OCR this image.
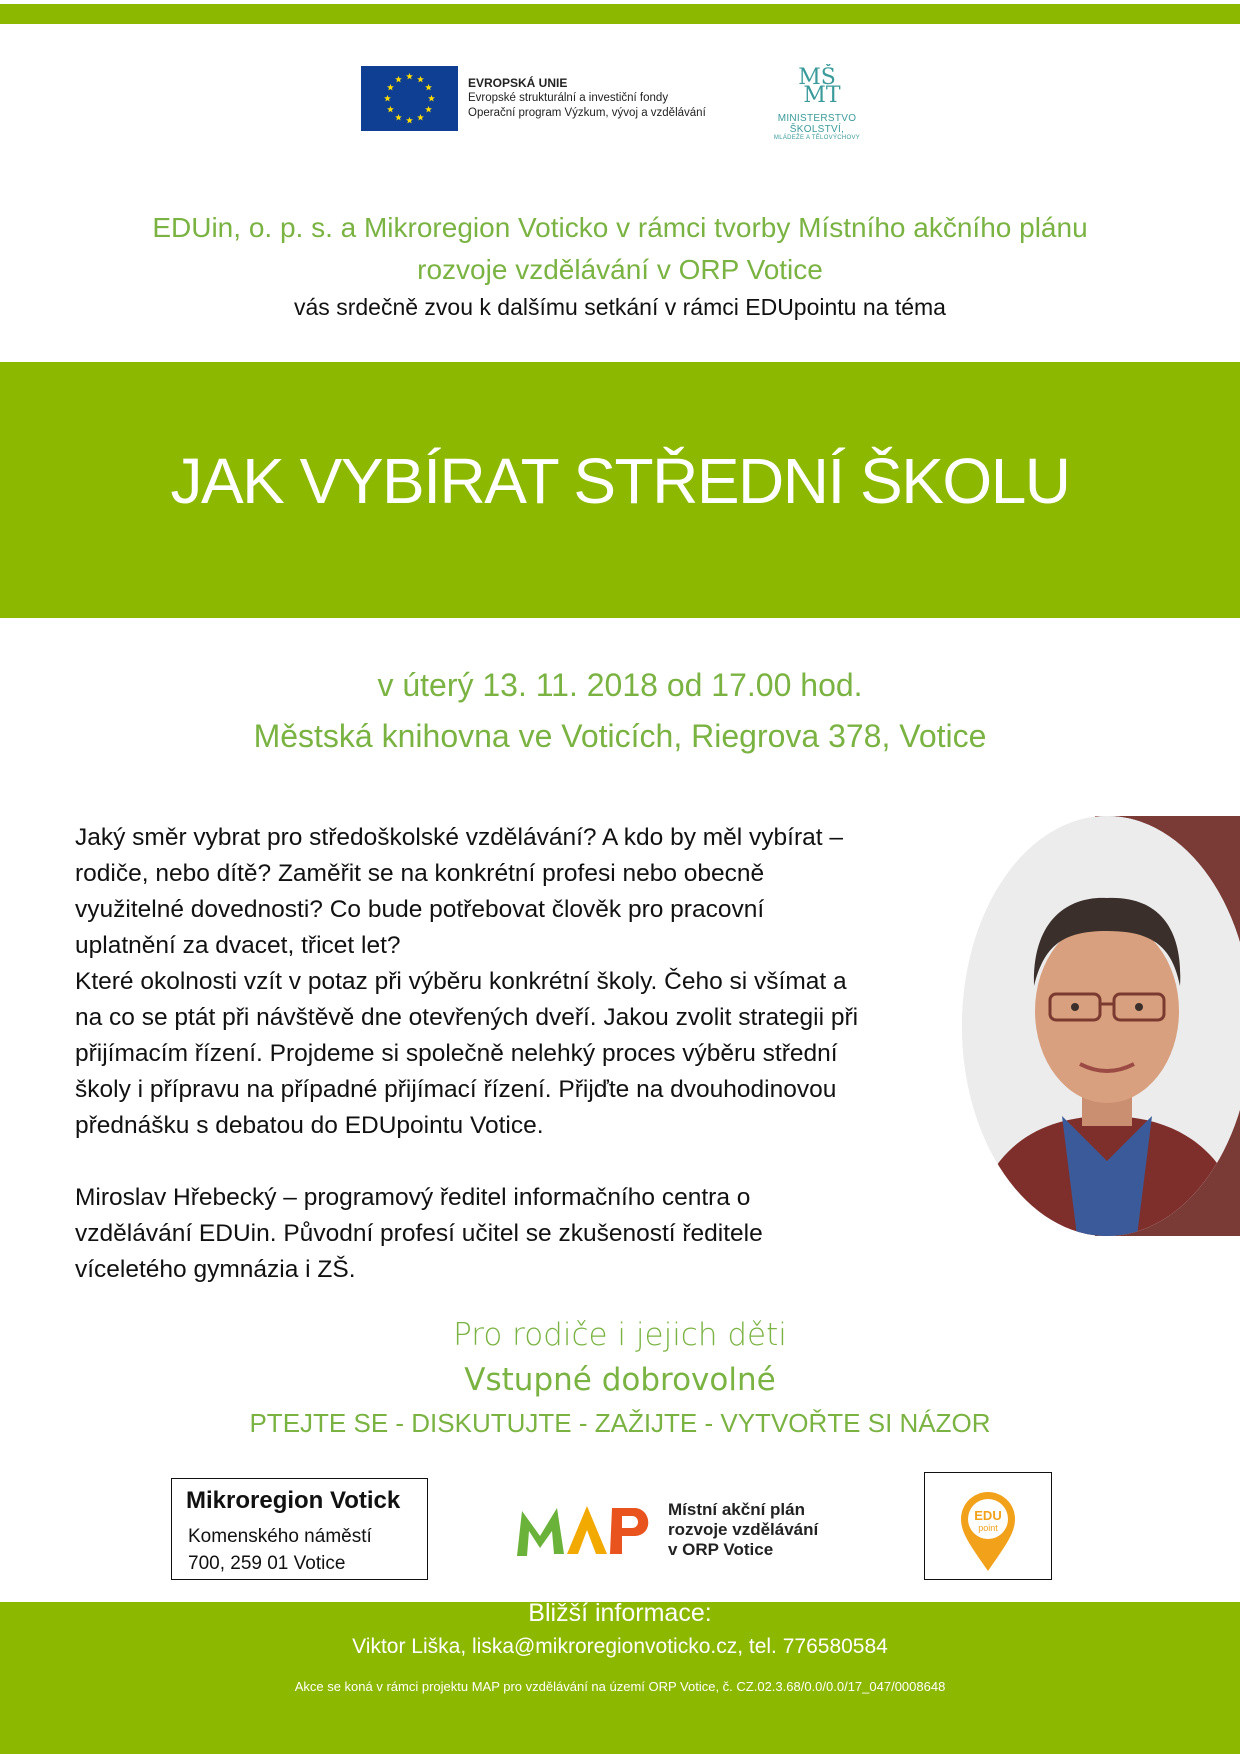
EVROPSKÁ UNIE
Evropské strukturální a investiční fondy
Operační program Výzkum, vývoj a vzdělávání
MŠ
MT
MINISTERSTVO ŠKOLSTVÍ,
MLÁDEŽE A TĚLOVÝCHOVY
EDUin, o. p. s. a Mikroregion Voticko v rámci tvorby Místního akčního plánu
rozvoje vzdělávání v ORP Votice
vás srdečně zvou k dalšímu setkání v rámci EDUpointu na téma
JAK VYBÍRAT STŘEDNÍ ŠKOLU
v úterý 13. 11. 2018 od 17.00 hod.
Městská knihovna ve Voticích, Riegrova 378, Votice
Jaký směr vybrat pro středoškolské vzdělávání? A kdo by měl vybírat –
rodiče, nebo dítě? Zaměřit se na konkrétní profesi nebo obecně
využitelné dovednosti? Co bude potřebovat člověk pro pracovní
uplatnění za dvacet, třicet let?
Které okolnosti vzít v potaz při výběru konkrétní školy. Čeho si všímat a
na co se ptát při návštěvě dne otevřených dveří. Jakou zvolit strategii při
přijímacím řízení. Projdeme si společně nelehký proces výběru střední
školy i přípravu na případné přijímací řízení. Přijďte na dvouhodinovou
přednášku s debatou do EDUpointu Votice.
Miroslav Hřebecký – programový ředitel informačního centra o
vzdělávání EDUin. Původní profesí učitel se zkušeností ředitele
víceletého gymnázia i ZŠ.
Pro rodiče i jejich děti
Vstupné dobrovolné
PTEJTE SE - DISKUTUJTE - ZAŽIJTE - VYTVOŘTE SI NÁZOR
Mikroregion Votick
Komenského náměstí
700, 259 01 Votice
Místní akční plán
rozvoje vzdělávání
v ORP Votice
EDU
point
Bližší informace:
Viktor Liška, liska@mikroregionvoticko.cz, tel. 776580584
Akce se koná v rámci projektu MAP pro vzdělávání na území ORP Votice, č. CZ.02.3.68/0.0/0.0/17_047/0008648
